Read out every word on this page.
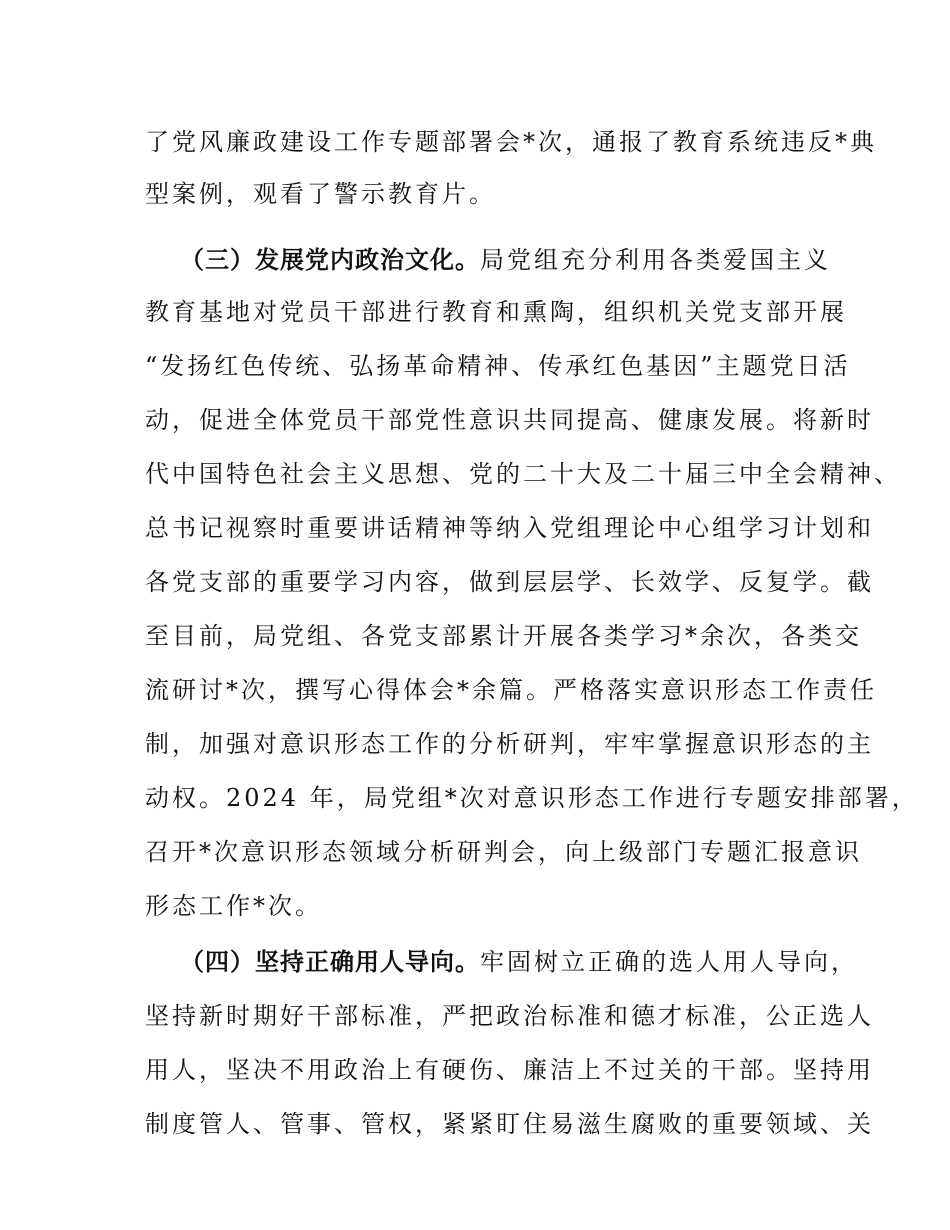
了党风廉政建设工作专题部署会*次，通报了教育系统违反*典
型案例，观看了警示教育片。
（三）发展党内政治文化。局党组充分利用各类爱国主义
教育基地对党员干部进行教育和熏陶，组织机关党支部开展
“发扬红色传统、弘扬革命精神、传承红色基因”主题党日活
动，促进全体党员干部党性意识共同提高、健康发展。将新时
代中国特色社会主义思想、党的二十大及二十届三中全会精神、
总书记视察时重要讲话精神等纳入党组理论中心组学习计划和
各党支部的重要学习内容，做到层层学、长效学、反复学。截
至目前，局党组、各党支部累计开展各类学习*余次，各类交
流研讨*次，撰写心得体会*余篇。严格落实意识形态工作责任
制，加强对意识形态工作的分析研判，牢牢掌握意识形态的主
动权。2024 年，局党组*次对意识形态工作进行专题安排部署，
召开*次意识形态领域分析研判会，向上级部门专题汇报意识
形态工作*次。
（四）坚持正确用人导向。牢固树立正确的选人用人导向，
坚持新时期好干部标准，严把政治标准和德才标准，公正选人
用人，坚决不用政治上有硬伤、廉洁上不过关的干部。坚持用
制度管人、管事、管权，紧紧盯住易滋生腐败的重要领域、关
